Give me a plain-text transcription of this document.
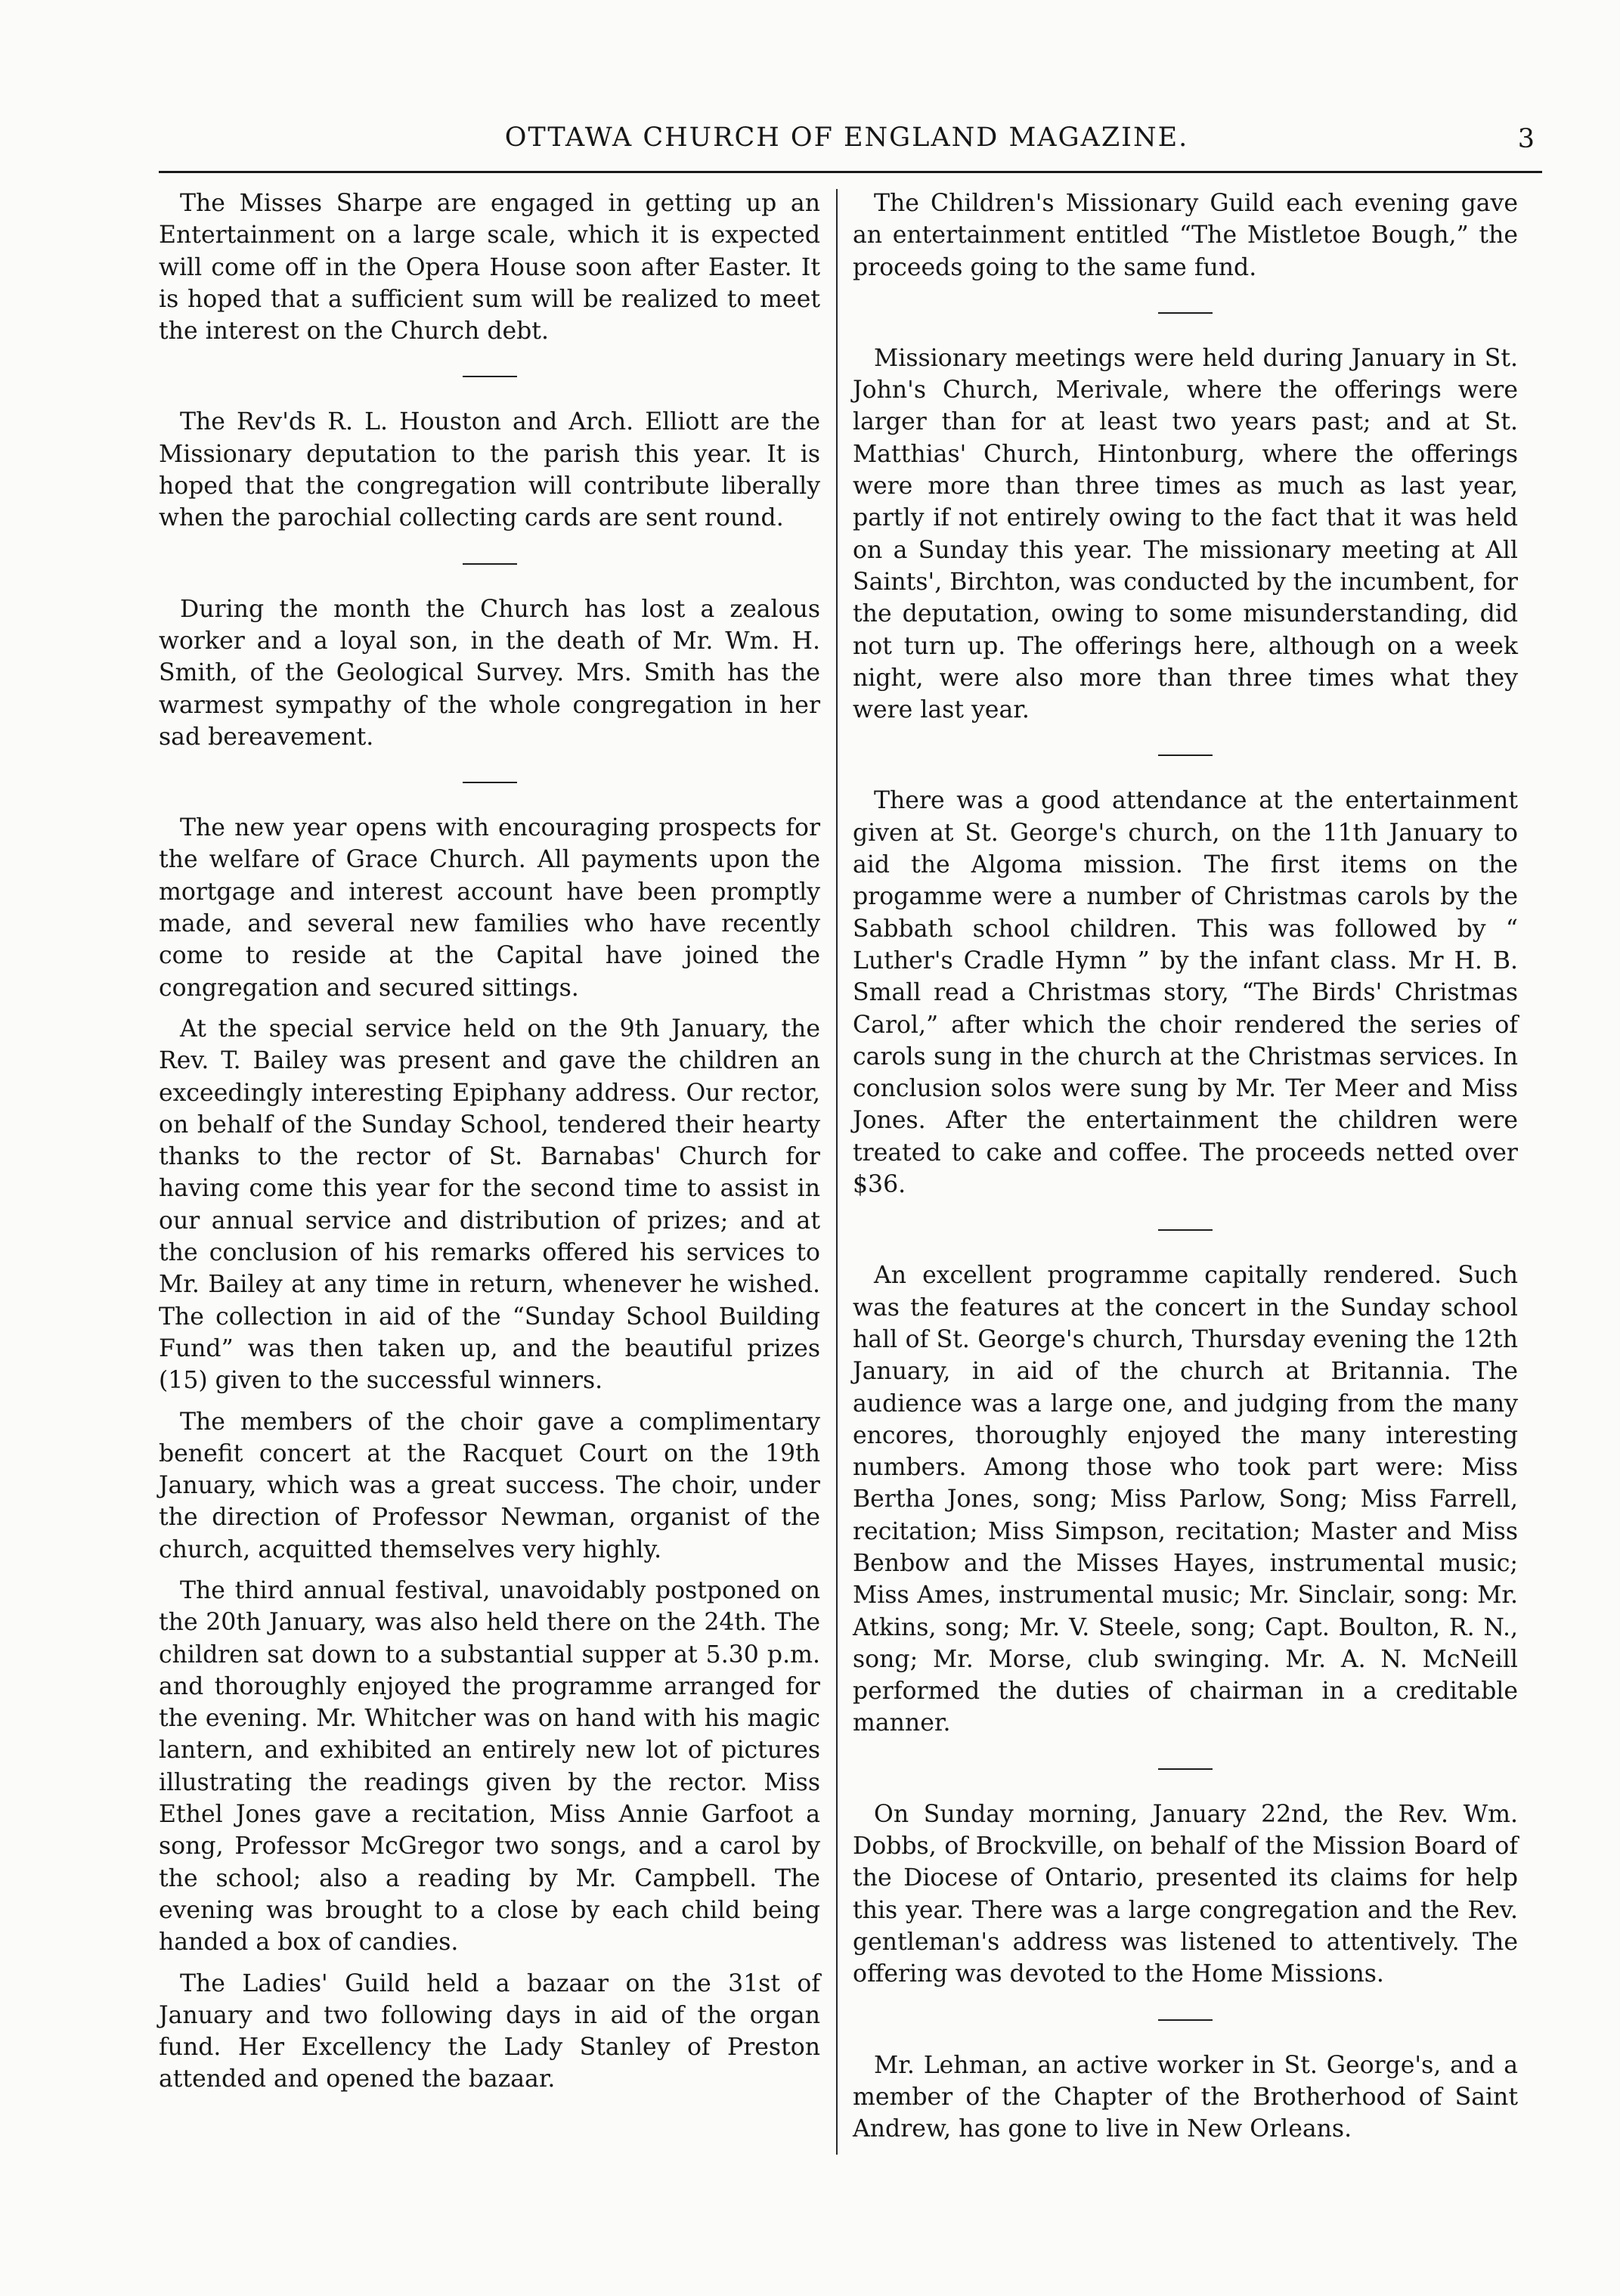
OTTAWA CHURCH OF ENGLAND MAGAZINE.	3

The Misses Sharpe are engaged in getting up an Entertainment on a large scale, which it is expected will come off in the Opera House soon after Easter. It is hoped that a sufficient sum will be realized to meet the interest on the Church debt.

The Rev'ds R. L. Houston and Arch. Elliott are the Missionary deputation to the parish this year. It is hoped that the congregation will contribute liberally when the parochial collecting cards are sent round.

During the month the Church has lost a zealous worker and a loyal son, in the death of Mr. Wm. H. Smith, of the Geological Survey. Mrs. Smith has the warmest sympathy of the whole congregation in her sad bereavement.

The new year opens with encouraging prospects for the welfare of Grace Church. All payments upon the mortgage and interest account have been promptly made, and several new families who have recently come to reside at the Capital have joined the congregation and secured sittings.

At the special service held on the 9th January, the Rev. T. Bailey was present and gave the children an exceedingly interesting Epiphany address. Our rector, on behalf of the Sunday School, tendered their hearty thanks to the rector of St. Barnabas' Church for having come this year for the second time to assist in our annual service and distribution of prizes; and at the conclusion of his remarks offered his services to Mr. Bailey at any time in return, whenever he wished. The collection in aid of the “Sunday School Building Fund” was then taken up, and the beautiful prizes (15) given to the successful winners.

The members of the choir gave a complimentary benefit concert at the Racquet Court on the 19th January, which was a great success. The choir, under the direction of Professor Newman, organist of the church, acquitted themselves very highly.

The third annual festival, unavoidably postponed on the 20th January, was also held there on the 24th. The children sat down to a substantial supper at 5.30 p.m. and thoroughly enjoyed the programme arranged for the evening. Mr. Whitcher was on hand with his magic lantern, and exhibited an entirely new lot of pictures illustrating the readings given by the rector. Miss Ethel Jones gave a recitation, Miss Annie Garfoot a song, Professor McGregor two songs, and a carol by the school; also a reading by Mr. Campbell. The evening was brought to a close by each child being handed a box of candies.

The Ladies' Guild held a bazaar on the 31st of January and two following days in aid of the organ fund. Her Excellency the Lady Stanley of Preston attended and opened the bazaar.

The Children's Missionary Guild each evening gave an entertainment entitled “The Mistletoe Bough,” the proceeds going to the same fund.

Missionary meetings were held during January in St. John's Church, Merivale, where the offerings were larger than for at least two years past; and at St. Matthias' Church, Hintonburg, where the offerings were more than three times as much as last year, partly if not entirely owing to the fact that it was held on a Sunday this year. The missionary meeting at All Saints', Birchton, was conducted by the incumbent, for the deputation, owing to some misunderstanding, did not turn up. The offerings here, although on a week night, were also more than three times what they were last year.

There was a good attendance at the entertainment given at St. George's church, on the 11th January to aid the Algoma mission. The first items on the progamme were a number of Christmas carols by the Sabbath school children. This was followed by “ Luther's Cradle Hymn ” by the infant class. Mr H. B. Small read a Christmas story, “The Birds' Christmas Carol,” after which the choir rendered the series of carols sung in the church at the Christmas services. In conclusion solos were sung by Mr. Ter Meer and Miss Jones. After the entertainment the children were treated to cake and coffee. The proceeds netted over $36.

An excellent programme capitally rendered. Such was the features at the concert in the Sunday school hall of St. George's church, Thursday evening the 12th January, in aid of the church at Britannia. The audience was a large one, and judging from the many encores, thoroughly enjoyed the many interesting numbers. Among those who took part were: Miss Bertha Jones, song; Miss Parlow, Song; Miss Farrell, recitation; Miss Simpson, recitation; Master and Miss Benbow and the Misses Hayes, instrumental music; Miss Ames, instrumental music; Mr. Sinclair, song: Mr. Atkins, song; Mr. V. Steele, song; Capt. Boulton, R. N., song; Mr. Morse, club swinging. Mr. A. N. McNeill performed the duties of chairman in a creditable manner.

On Sunday morning, January 22nd, the Rev. Wm. Dobbs, of Brockville, on behalf of the Mission Board of the Diocese of Ontario, presented its claims for help this year. There was a large congregation and the Rev. gentleman's address was listened to attentively. The offering was devoted to the Home Missions.

Mr. Lehman, an active worker in St. George's, and a member of the Chapter of the Brotherhood of Saint Andrew, has gone to live in New Orleans.
